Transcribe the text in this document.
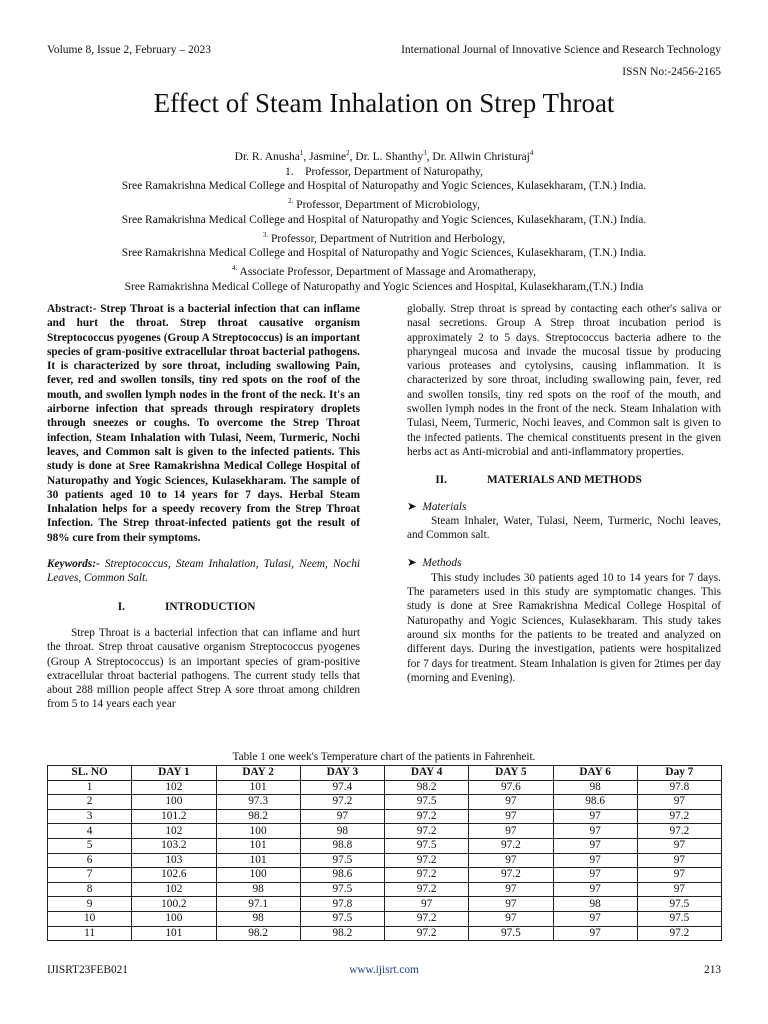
Volume 8, Issue 2, February – 2023	International Journal of Innovative Science and Research Technology
ISSN No:-2456-2165
Effect of Steam Inhalation on Strep Throat
Dr. R. Anusha$^1$, Jasmine$^2$, Dr. L. Shanthy$^3$, Dr. Allwin Christuraj$^4$
1.    Professor, Department of Naturopathy,
Sree Ramakrishna Medical College and Hospital of Naturopathy and Yogic Sciences, Kulasekharam, (T.N.) India.
$^{2.}$ Professor, Department of Microbiology,
Sree Ramakrishna Medical College and Hospital of Naturopathy and Yogic Sciences, Kulasekharam, (T.N.) India.
$^{3.}$ Professor, Department of Nutrition and Herbology,
Sree Ramakrishna Medical College and Hospital of Naturopathy and Yogic Sciences, Kulasekharam, (T.N.) India.
$^{4.}$ Associate Professor, Department of Massage and Aromatherapy,
Sree Ramakrishna Medical College of Naturopathy and Yogic Sciences and Hospital, Kulasekharam,(T.N.) India
Abstract:- Strep Throat is a bacterial infection that can inflame and hurt the throat. Strep throat causative organism Streptococcus pyogenes (Group A Streptococcus) is an important species of gram-positive extracellular throat bacterial pathogens. It is characterized by sore throat, including swallowing Pain, fever, red and swollen tonsils, tiny red spots on the roof of the mouth, and swollen lymph nodes in the front of the neck. It's an airborne infection that spreads through respiratory droplets through sneezes or coughs. To overcome the Strep Throat infection, Steam Inhalation with Tulasi, Neem, Turmeric, Nochi leaves, and Common salt is given to the infected patients. This study is done at Sree Ramakrishna Medical College Hospital of Naturopathy and Yogic Sciences, Kulasekharam. The sample of 30 patients aged 10 to 14 years for 7 days. Herbal Steam Inhalation helps for a speedy recovery from the Strep Throat Infection. The Strep throat-infected patients got the result of 98% cure from their symptoms.
Keywords:- Streptococcus, Steam Inhalation, Tulasi, Neem, Nochi Leaves, Common Salt.
I.	INTRODUCTION
Strep Throat is a bacterial infection that can inflame and hurt the throat. Strep throat causative organism Streptococcus pyogenes (Group A Streptococcus) is an important species of gram-positive extracellular throat bacterial pathogens. The current study tells that about 288 million people affect Strep A sore throat among children from 5 to 14 years each year
globally. Strep throat is spread by contacting each other's saliva or nasal secretions. Group A Strep throat incubation period is approximately 2 to 5 days. Streptococcus bacteria adhere to the pharyngeal mucosa and invade the mucosal tissue by producing various proteases and cytolysins, causing inflammation. It is characterized by sore throat, including swallowing pain, fever, red and swollen tonsils, tiny red spots on the roof of the mouth, and swollen lymph nodes in the front of the neck. Steam Inhalation with Tulasi, Neem, Turmeric, Nochi leaves, and Common salt is given to the infected patients. The chemical constituents present in the given herbs act as Anti-microbial and anti-inflammatory properties.
II.	MATERIALS AND METHODS
➤ Materials
Steam Inhaler, Water, Tulasi, Neem, Turmeric, Nochi leaves, and Common salt.
➤ Methods
This study includes 30 patients aged 10 to 14 years for 7 days. The parameters used in this study are symptomatic changes. This study is done at Sree Ramakrishna Medical College Hospital of Naturopathy and Yogic Sciences, Kulasekharam. This study takes around six months for the patients to be treated and analyzed on different days. During the investigation, patients were hospitalized for 7 days for treatment. Steam Inhalation is given for 2times per day (morning and Evening).
Table 1 one week's Temperature chart of the patients in Fahrenheit.
SL. NO	DAY 1	DAY 2	DAY 3	DAY 4	DAY 5	DAY 6	Day 7
1	102	101	97.4	98.2	97.6	98	97.8
2	100	97.3	97.2	97.5	97	98.6	97
3	101.2	98.2	97	97.2	97	97	97.2
4	102	100	98	97.2	97	97	97.2
5	103.2	101	98.8	97.5	97.2	97	97
6	103	101	97.5	97.2	97	97	97
7	102.6	100	98.6	97.2	97.2	97	97
8	102	98	97.5	97.2	97	97	97
9	100.2	97.1	97.8	97	97	98	97.5
10	100	98	97.5	97.2	97	97	97.5
11	101	98.2	98.2	97.2	97.5	97	97.2
IJISRT23FEB021	www.ijisrt.com	213
